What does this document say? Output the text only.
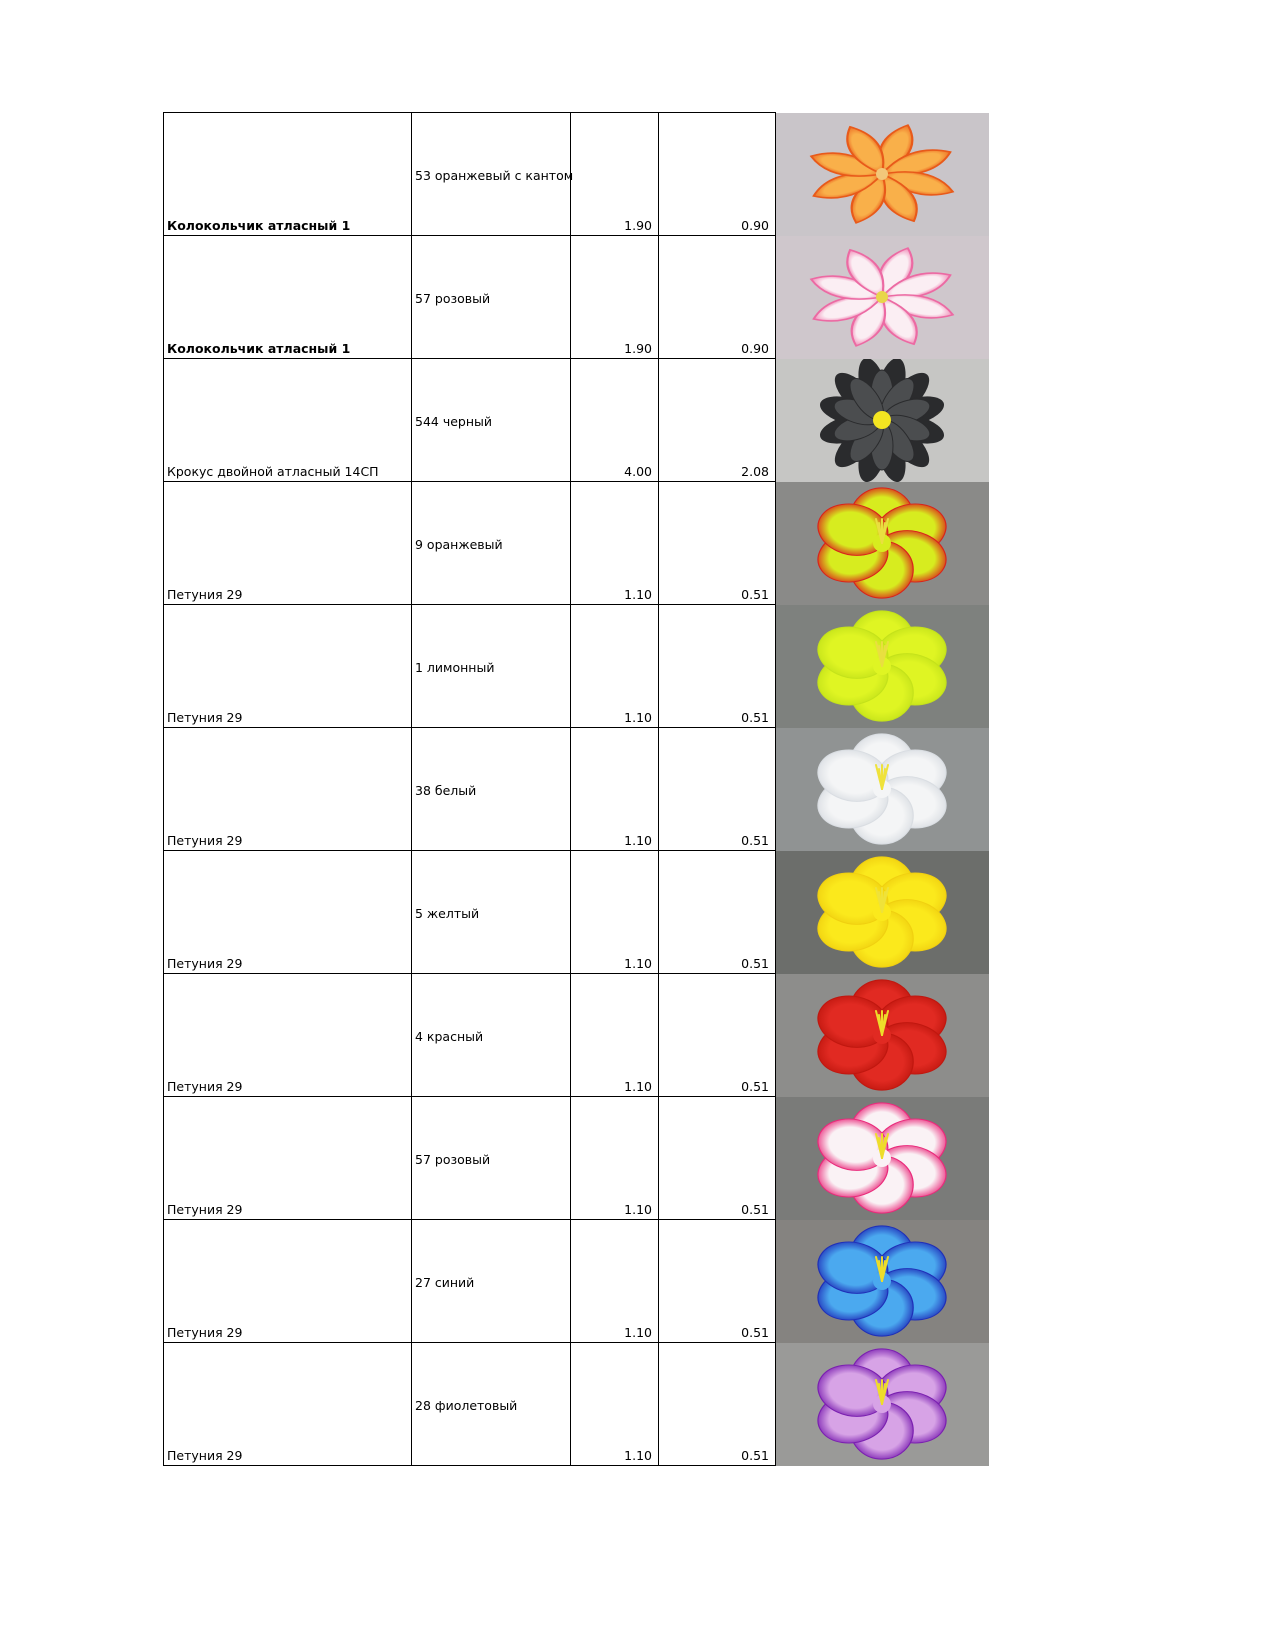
Колокольчик атласный 1	53 оранжевый с кантом	1.90	0.90

Колокольчик атласный 1	57 розовый	1.90	0.90

Крокус двойной атласный 14СП	544 черный	4.00	2.08

Петуния 29	9 оранжевый	1.10	0.51

Петуния 29	1 лимонный	1.10	0.51

Петуния 29	38 белый	1.10	0.51

Петуния 29	5 желтый	1.10	0.51

Петуния 29	4 красный	1.10	0.51

Петуния 29	57 розовый	1.10	0.51

Петуния 29	27 синий	1.10	0.51

Петуния 29	28 фиолетовый	1.10	0.51
